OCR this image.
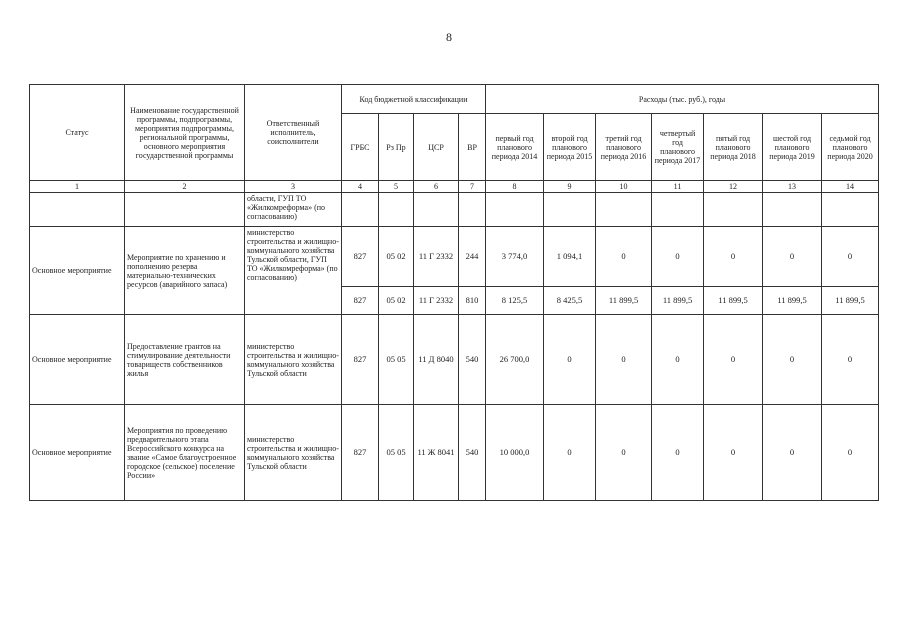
8
Статус	Наименование государственной программы, подпрограммы, мероприятия подпрограммы, региональной программы, основного мероприятия государственной программы	Ответственный исполнитель, соисполнители	Код бюджетной классификации				Расходы (тыс. руб.), годы						
			ГРБС	Рз Пр	ЦСР	ВР	первый год планового периода 2014	второй год планового периода 2015	третий год планового периода 2016	четвертый год планового периода 2017	пятый год планового периода 2018	шестой год планового периода 2019	седьмой год планового периода 2020
1	2	3	4	5	6	7	8	9	10	11	12	13	14
		области, ГУП ТО «Жилкомреформа» (по согласованию)											
Основное мероприятие	Мероприятие по хранению и пополнению резерва материально-технических ресурсов (аварийного запаса)	министерство строительства и жилищно-коммунального хозяйства Тульской области, ГУП ТО «Жилкомреформа» (по согласованию)	827	05 02	11 Г 2332	244	3 774,0	1 094,1	0	0	0	0	0
			827	05 02	11 Г 2332	810	8 125,5	8 425,5	11 899,5	11 899,5	11 899,5	11 899,5	11 899,5
Основное мероприятие	Предоставление грантов на стимулирование деятельности товариществ собственников жилья	министерство строительства и жилищно-коммунального хозяйства Тульской области	827	05 05	11 Д 8040	540	26 700,0	0	0	0	0	0	0
Основное мероприятие	Мероприятия по проведению предварительного этапа Всероссийского конкурса на звание «Самое благоустроенное городское (сельское) поселение России»	министерство строительства и жилищно-коммунального хозяйства Тульской области	827	05 05	11 Ж 8041	540	10 000,0	0	0	0	0	0	0
